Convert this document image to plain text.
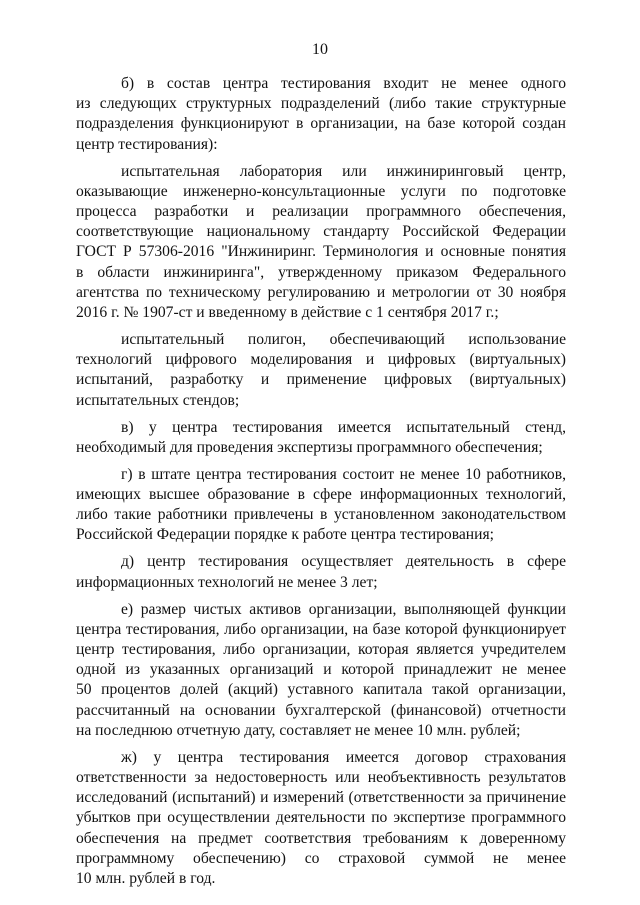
10
б) в состав центра тестирования входит не менее одного
из следующих структурных подразделений (либо такие структурные
подразделения функционируют в организации, на базе которой создан
центр тестирования):
испытательная лаборатория или инжиниринговый центр,
оказывающие инженерно-консультационные услуги по подготовке
процесса разработки и реализации программного обеспечения,
соответствующие национальному стандарту Российской Федерации
ГОСТ Р 57306-2016 "Инжиниринг. Терминология и основные понятия
в области инжиниринга", утвержденному приказом Федерального
агентства по техническому регулированию и метрологии от 30 ноября
2016 г. № 1907-ст и введенному в действие с 1 сентября 2017 г.;
испытательный полигон, обеспечивающий использование
технологий цифрового моделирования и цифровых (виртуальных)
испытаний, разработку и применение цифровых (виртуальных)
испытательных стендов;
в) у центра тестирования имеется испытательный стенд,
необходимый для проведения экспертизы программного обеспечения;
г) в штате центра тестирования состоит не менее 10 работников,
имеющих высшее образование в сфере информационных технологий,
либо такие работники привлечены в установленном законодательством
Российской Федерации порядке к работе центра тестирования;
д) центр тестирования осуществляет деятельность в сфере
информационных технологий не менее 3 лет;
е) размер чистых активов организации, выполняющей функции
центра тестирования, либо организации, на базе которой функционирует
центр тестирования, либо организации, которая является учредителем
одной из указанных организаций и которой принадлежит не менее
50 процентов долей (акций) уставного капитала такой организации,
рассчитанный на основании бухгалтерской (финансовой) отчетности
на последнюю отчетную дату, составляет не менее 10 млн. рублей;
ж) у центра тестирования имеется договор страхования
ответственности за недостоверность или необъективность результатов
исследований (испытаний) и измерений (ответственности за причинение
убытков при осуществлении деятельности по экспертизе программного
обеспечения на предмет соответствия требованиям к доверенному
программному обеспечению) со страховой суммой не менее
10 млн. рублей в год.
